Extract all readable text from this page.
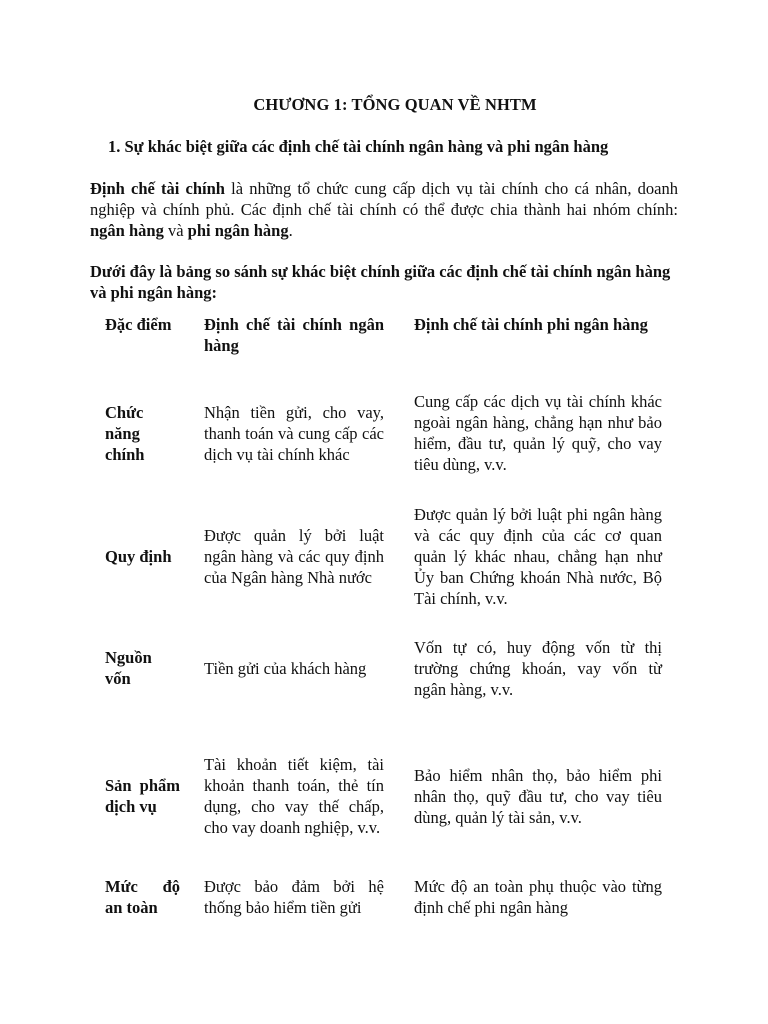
CHƯƠNG 1: TỔNG QUAN VỀ NHTM
1. Sự khác biệt giữa các định chế tài chính ngân hàng và phi ngân hàng
Định chế tài chính là những tổ chức cung cấp dịch vụ tài chính cho cá nhân, doanh nghiệp và chính phủ. Các định chế tài chính có thể được chia thành hai nhóm chính: ngân hàng và phi ngân hàng.
Dưới đây là bảng so sánh sự khác biệt chính giữa các định chế tài chính ngân hàng và phi ngân hàng:
Đặc điểm	Định chế tài chính ngân hàng	Định chế tài chính phi ngân hàng
Chức năng chính	Nhận tiền gửi, cho vay, thanh toán và cung cấp các dịch vụ tài chính khác	Cung cấp các dịch vụ tài chính khác ngoài ngân hàng, chẳng hạn như bảo hiểm, đầu tư, quản lý quỹ, cho vay tiêu dùng, v.v.
Quy định	Được quản lý bởi luật ngân hàng và các quy định của Ngân hàng Nhà nước	Được quản lý bởi luật phi ngân hàng và các quy định của các cơ quan quản lý khác nhau, chẳng hạn như Ủy ban Chứng khoán Nhà nước, Bộ Tài chính, v.v.
Nguồn vốn	Tiền gửi của khách hàng	Vốn tự có, huy động vốn từ thị trường chứng khoán, vay vốn từ ngân hàng, v.v.
Sản phẩm dịch vụ	Tài khoản tiết kiệm, tài khoản thanh toán, thẻ tín dụng, cho vay thế chấp, cho vay doanh nghiệp, v.v.	Bảo hiểm nhân thọ, bảo hiểm phi nhân thọ, quỹ đầu tư, cho vay tiêu dùng, quản lý tài sản, v.v.
Mức độ an toàn	Được bảo đảm bởi hệ thống bảo hiểm tiền gửi	Mức độ an toàn phụ thuộc vào từng định chế phi ngân hàng
